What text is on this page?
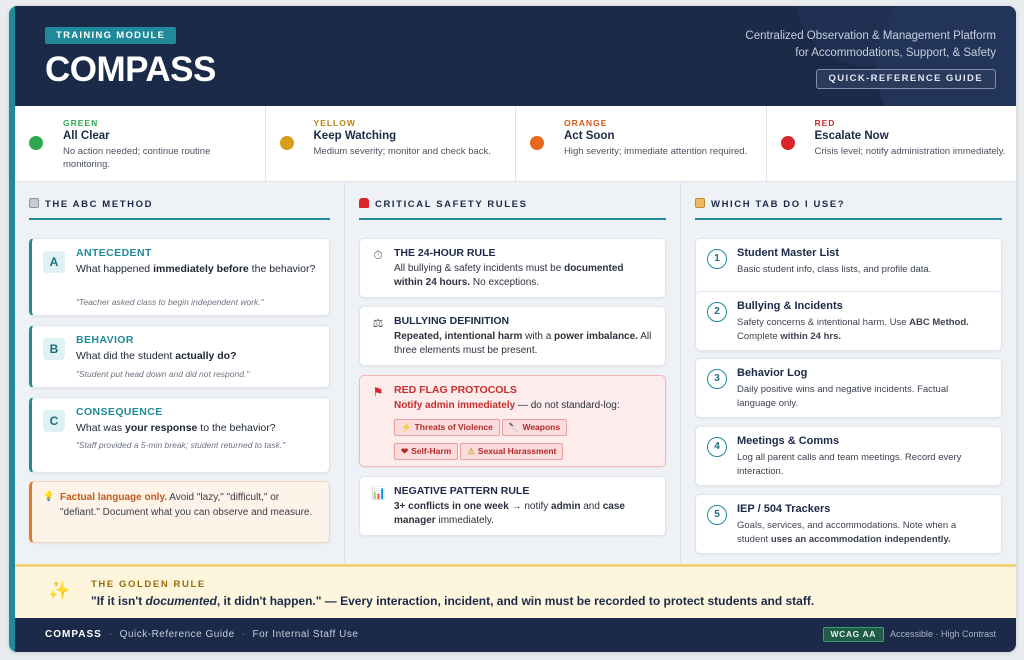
TRAINING MODULE
COMPASS
Centralized Observation & Management Platform
for Accommodations, Support, & Safety
QUICK-REFERENCE GUIDE
GREEN
All Clear
No action needed; continue routine monitoring.
YELLOW
Keep Watching
Medium severity; monitor and check back.
ORANGE
Act Soon
High severity; immediate attention required.
RED
Escalate Now
Crisis level; notify administration immediately.
THE ABC METHOD
A
ANTECEDENT
What happened immediately before the behavior?
"Teacher asked class to begin independent work."
B
BEHAVIOR
What did the student actually do?
"Student put head down and did not respond."
C
CONSEQUENCE
What was your response to the behavior?
"Staff provided a 5-min break; student returned to task."
💡 Factual language only. Avoid "lazy," "difficult," or "defiant." Document what you can observe and measure.
CRITICAL SAFETY RULES
⏱ THE 24-HOUR RULE
All bullying & safety incidents must be documented within 24 hours. No exceptions.
⚖ BULLYING DEFINITION
Repeated, intentional harm with a power imbalance. All three elements must be present.
⚑ RED FLAG PROTOCOLS
Notify admin immediately — do not standard-log:
⚡ Threats of Violence 🔪 Weapons
❤ Self-Harm ⚠ Sexual Harassment
📊 NEGATIVE PATTERN RULE
3+ conflicts in one week → notify admin and case manager immediately.
WHICH TAB DO I USE?
1	Student Master List
Basic student info, class lists, and profile data.
2	Bullying & Incidents
Safety concerns & intentional harm. Use ABC Method. Complete within 24 hrs.
3	Behavior Log
Daily positive wins and negative incidents. Factual language only.
4	Meetings & Comms
Log all parent calls and team meetings. Record every interaction.
5	IEP / 504 Trackers
Goals, services, and accommodations. Note when a student uses an accommodation independently.
✨ THE GOLDEN RULE
"If it isn't documented, it didn't happen." — Every interaction, incident, and win must be recorded to protect students and staff.
COMPASS · Quick-Reference Guide · For Internal Staff Use	WCAG AA Accessible · High Contrast
